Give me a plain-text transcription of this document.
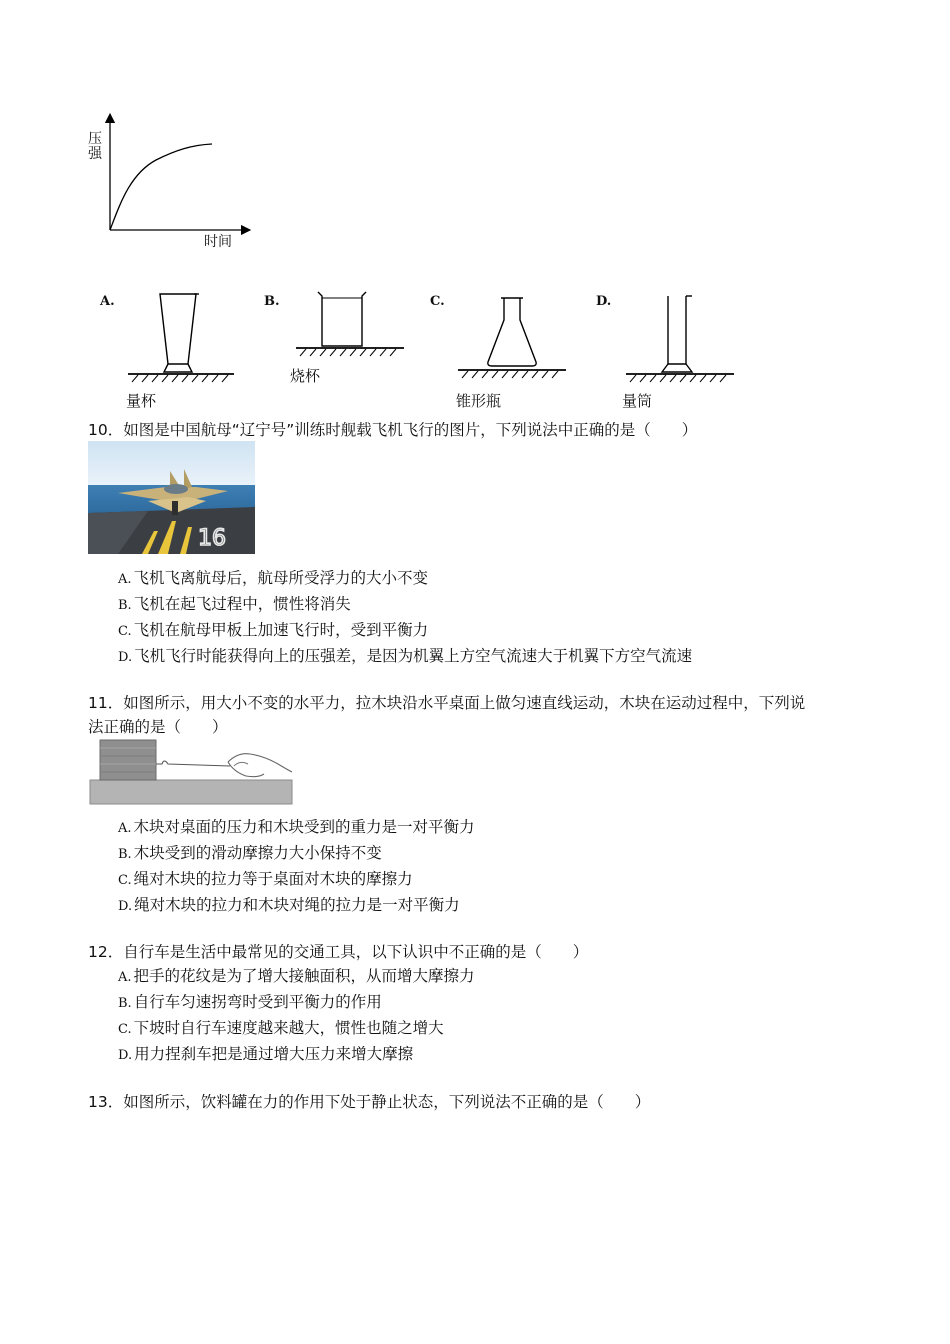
压
强
时间
A.
量杯
B.
烧杯
C.
锥形瓶
D.
量筒
10．如图是中国航母“辽宁号”训练时舰载飞机飞行的图片，下列说法中正确的是（　　）
16
A. 飞机飞离航母后，航母所受浮力的大小不变
B. 飞机在起飞过程中，惯性将消失
C. 飞机在航母甲板上加速飞行时，受到平衡力
D. 飞机飞行时能获得向上的压强差，是因为机翼上方空气流速大于机翼下方空气流速
11．如图所示，用大小不变的水平力，拉木块沿水平桌面上做匀速直线运动，木块在运动过程中，下列说
法正确的是（　　）
A. 木块对桌面的压力和木块受到的重力是一对平衡力
B. 木块受到的滑动摩擦力大小保持不变
C. 绳对木块的拉力等于桌面对木块的摩擦力
D. 绳对木块的拉力和木块对绳的拉力是一对平衡力
12．自行车是生活中最常见的交通工具，以下认识中不正确的是（　　）
A. 把手的花纹是为了增大接触面积，从而增大摩擦力
B. 自行车匀速拐弯时受到平衡力的作用
C. 下坡时自行车速度越来越大，惯性也随之增大
D. 用力捏刹车把是通过增大压力来增大摩擦
13．如图所示，饮料罐在力的作用下处于静止状态，下列说法不正确的是（　　）
